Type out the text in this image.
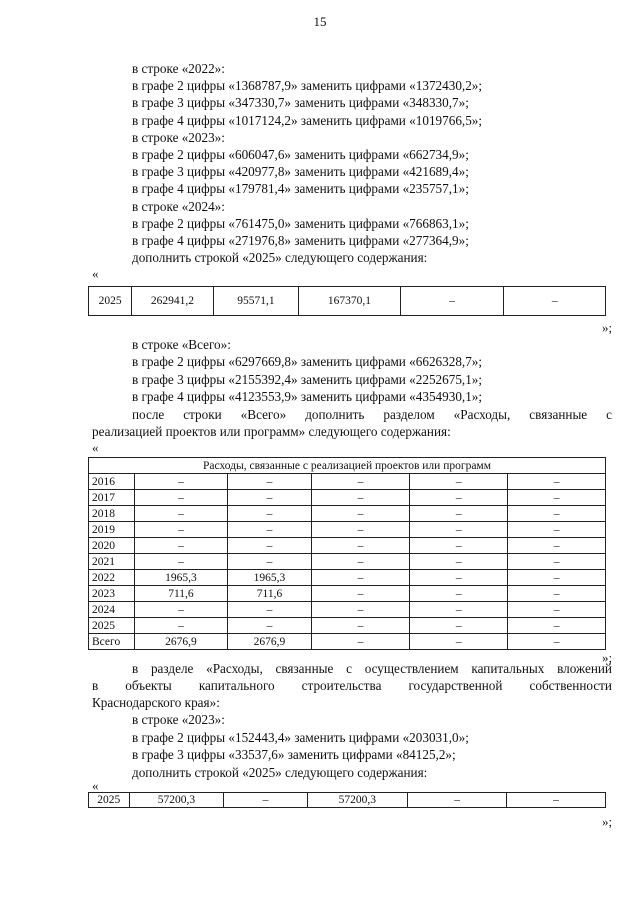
15
в строке «2022»:
в графе 2 цифры «1368787,9» заменить цифрами «1372430,2»;
в графе 3 цифры «347330,7» заменить цифрами «348330,7»;
в графе 4 цифры «1017124,2» заменить цифрами «1019766,5»;
в строке «2023»:
в графе 2 цифры «606047,6» заменить цифрами «662734,9»;
в графе 3 цифры «420977,8» заменить цифрами «421689,4»;
в графе 4 цифры «179781,4» заменить цифрами «235757,1»;
в строке «2024»:
в графе 2 цифры «761475,0» заменить цифрами «766863,1»;
в графе 4 цифры «271976,8» заменить цифрами «277364,9»;
дополнить строкой «2025» следующего содержания:
«
2025	262941,2	95571,1	167370,1	–	–
»;
в строке «Всего»:
в графе 2 цифры «6297669,8» заменить цифрами «6626328,7»;
в графе 3 цифры «2155392,4» заменить цифрами «2252675,1»;
в графе 4 цифры «4123553,9» заменить цифрами «4354930,1»;
после строки «Всего» дополнить разделом «Расходы, связанные с
реализацией проектов или программ» следующего содержания:
«
Расходы, связанные с реализацией проектов или программ					
2016	–	–	–	–	–
2017	–	–	–	–	–
2018	–	–	–	–	–
2019	–	–	–	–	–
2020	–	–	–	–	–
2021	–	–	–	–	–
2022	1965,3	1965,3	–	–	–
2023	711,6	711,6	–	–	–
2024	–	–	–	–	–
2025	–	–	–	–	–
Всего	2676,9	2676,9	–	–	–
»;
в разделе «Расходы, связанные с осуществлением капитальных вложений
в объекты капитального строительства государственной собственности
Краснодарского края»:
в строке «2023»:
в графе 2 цифры «152443,4» заменить цифрами «203031,0»;
в графе 3 цифры «33537,6» заменить цифрами «84125,2»;
дополнить строкой «2025» следующего содержания:
«
2025	57200,3	–	57200,3	–	–
»;
